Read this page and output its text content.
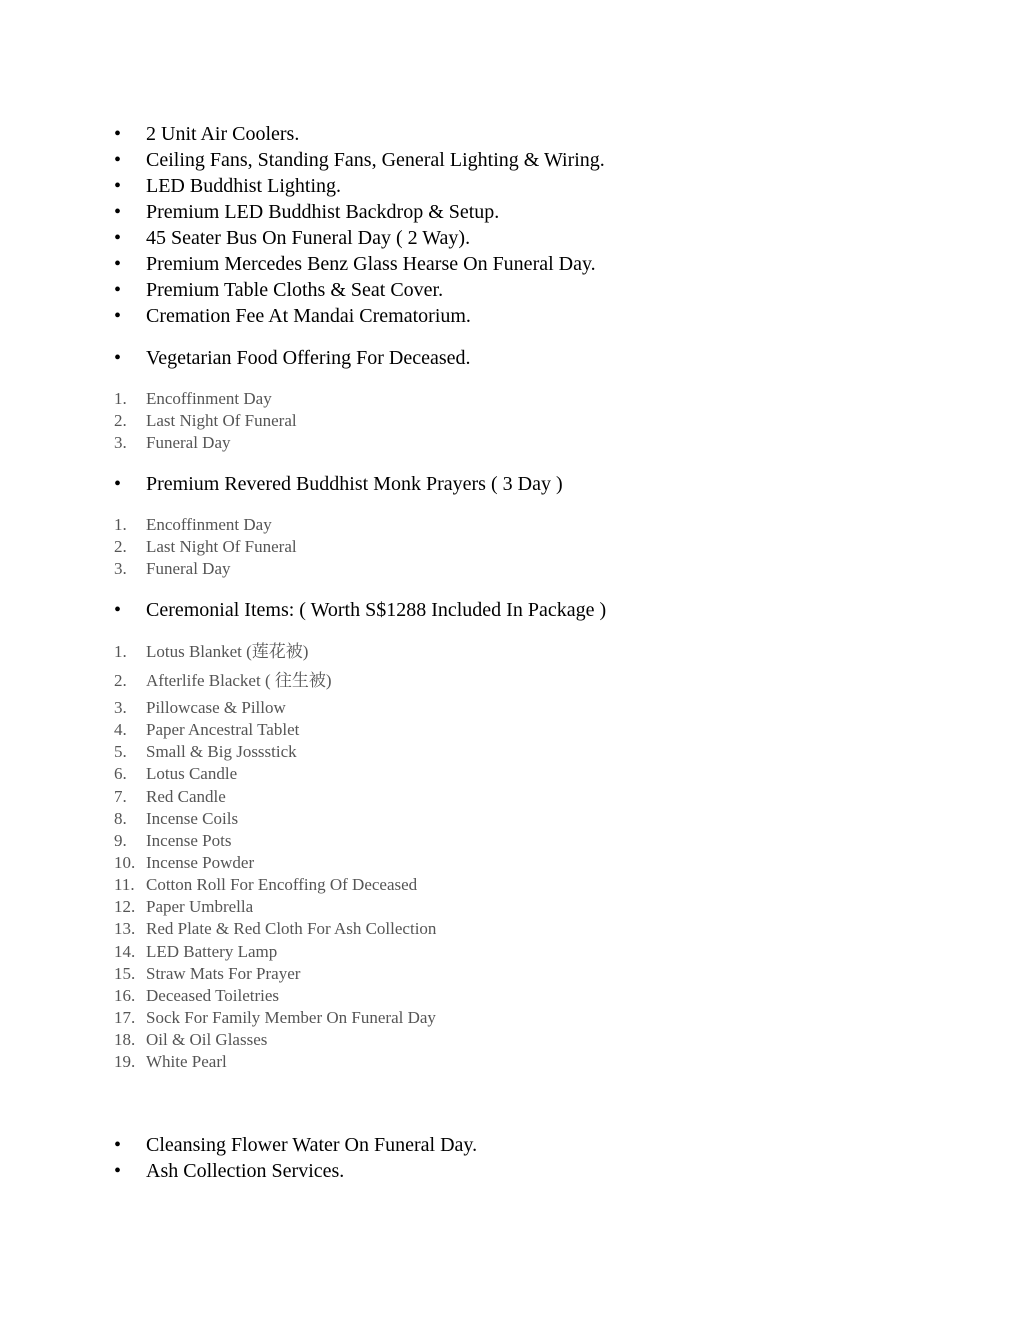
• 2 Unit Air Coolers.
• Ceiling Fans, Standing Fans, General Lighting & Wiring.
• LED Buddhist Lighting.
• Premium LED Buddhist Backdrop & Setup.
• 45 Seater Bus On Funeral Day ( 2 Way).
• Premium Mercedes Benz Glass Hearse On Funeral Day.
• Premium Table Cloths & Seat Cover.
• Cremation Fee At Mandai Crematorium.
• Vegetarian Food Offering For Deceased.
1. Encoffinment Day
2. Last Night Of Funeral
3. Funeral Day
• Premium Revered Buddhist Monk Prayers ( 3 Day )
1. Encoffinment Day
2. Last Night Of Funeral
3. Funeral Day
• Ceremonial Items: ( Worth S$1288 Included In Package )
1. Lotus Blanket (莲花被)
2. Afterlife Blacket ( 往生被)
3. Pillowcase & Pillow
4. Paper Ancestral Tablet
5. Small & Big Jossstick
6. Lotus Candle
7. Red Candle
8. Incense Coils
9. Incense Pots
10. Incense Powder
11. Cotton Roll For Encoffing Of Deceased
12. Paper Umbrella
13. Red Plate & Red Cloth For Ash Collection
14. LED Battery Lamp
15. Straw Mats For Prayer
16. Deceased Toiletries
17. Sock For Family Member On Funeral Day
18. Oil & Oil Glasses
19. White Pearl
• Cleansing Flower Water On Funeral Day.
• Ash Collection Services.
